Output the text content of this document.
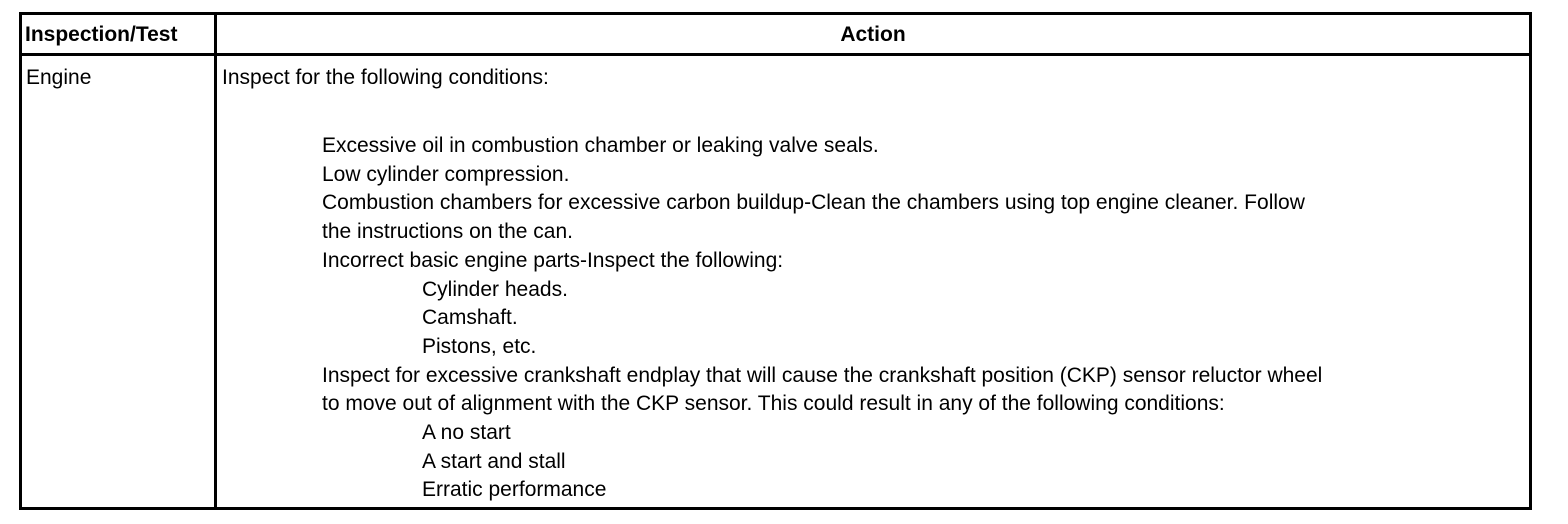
Inspection/Test	Action
Engine	Inspect for the following conditions:
Excessive oil in combustion chamber or leaking valve seals.
Low cylinder compression.
Combustion chambers for excessive carbon buildup-Clean the chambers using top engine cleaner. Follow
the instructions on the can.
Incorrect basic engine parts-Inspect the following:
Cylinder heads.
Camshaft.
Pistons, etc.
Inspect for excessive crankshaft endplay that will cause the crankshaft position (CKP) sensor reluctor wheel
to move out of alignment with the CKP sensor. This could result in any of the following conditions:
A no start
A start and stall
Erratic performance
